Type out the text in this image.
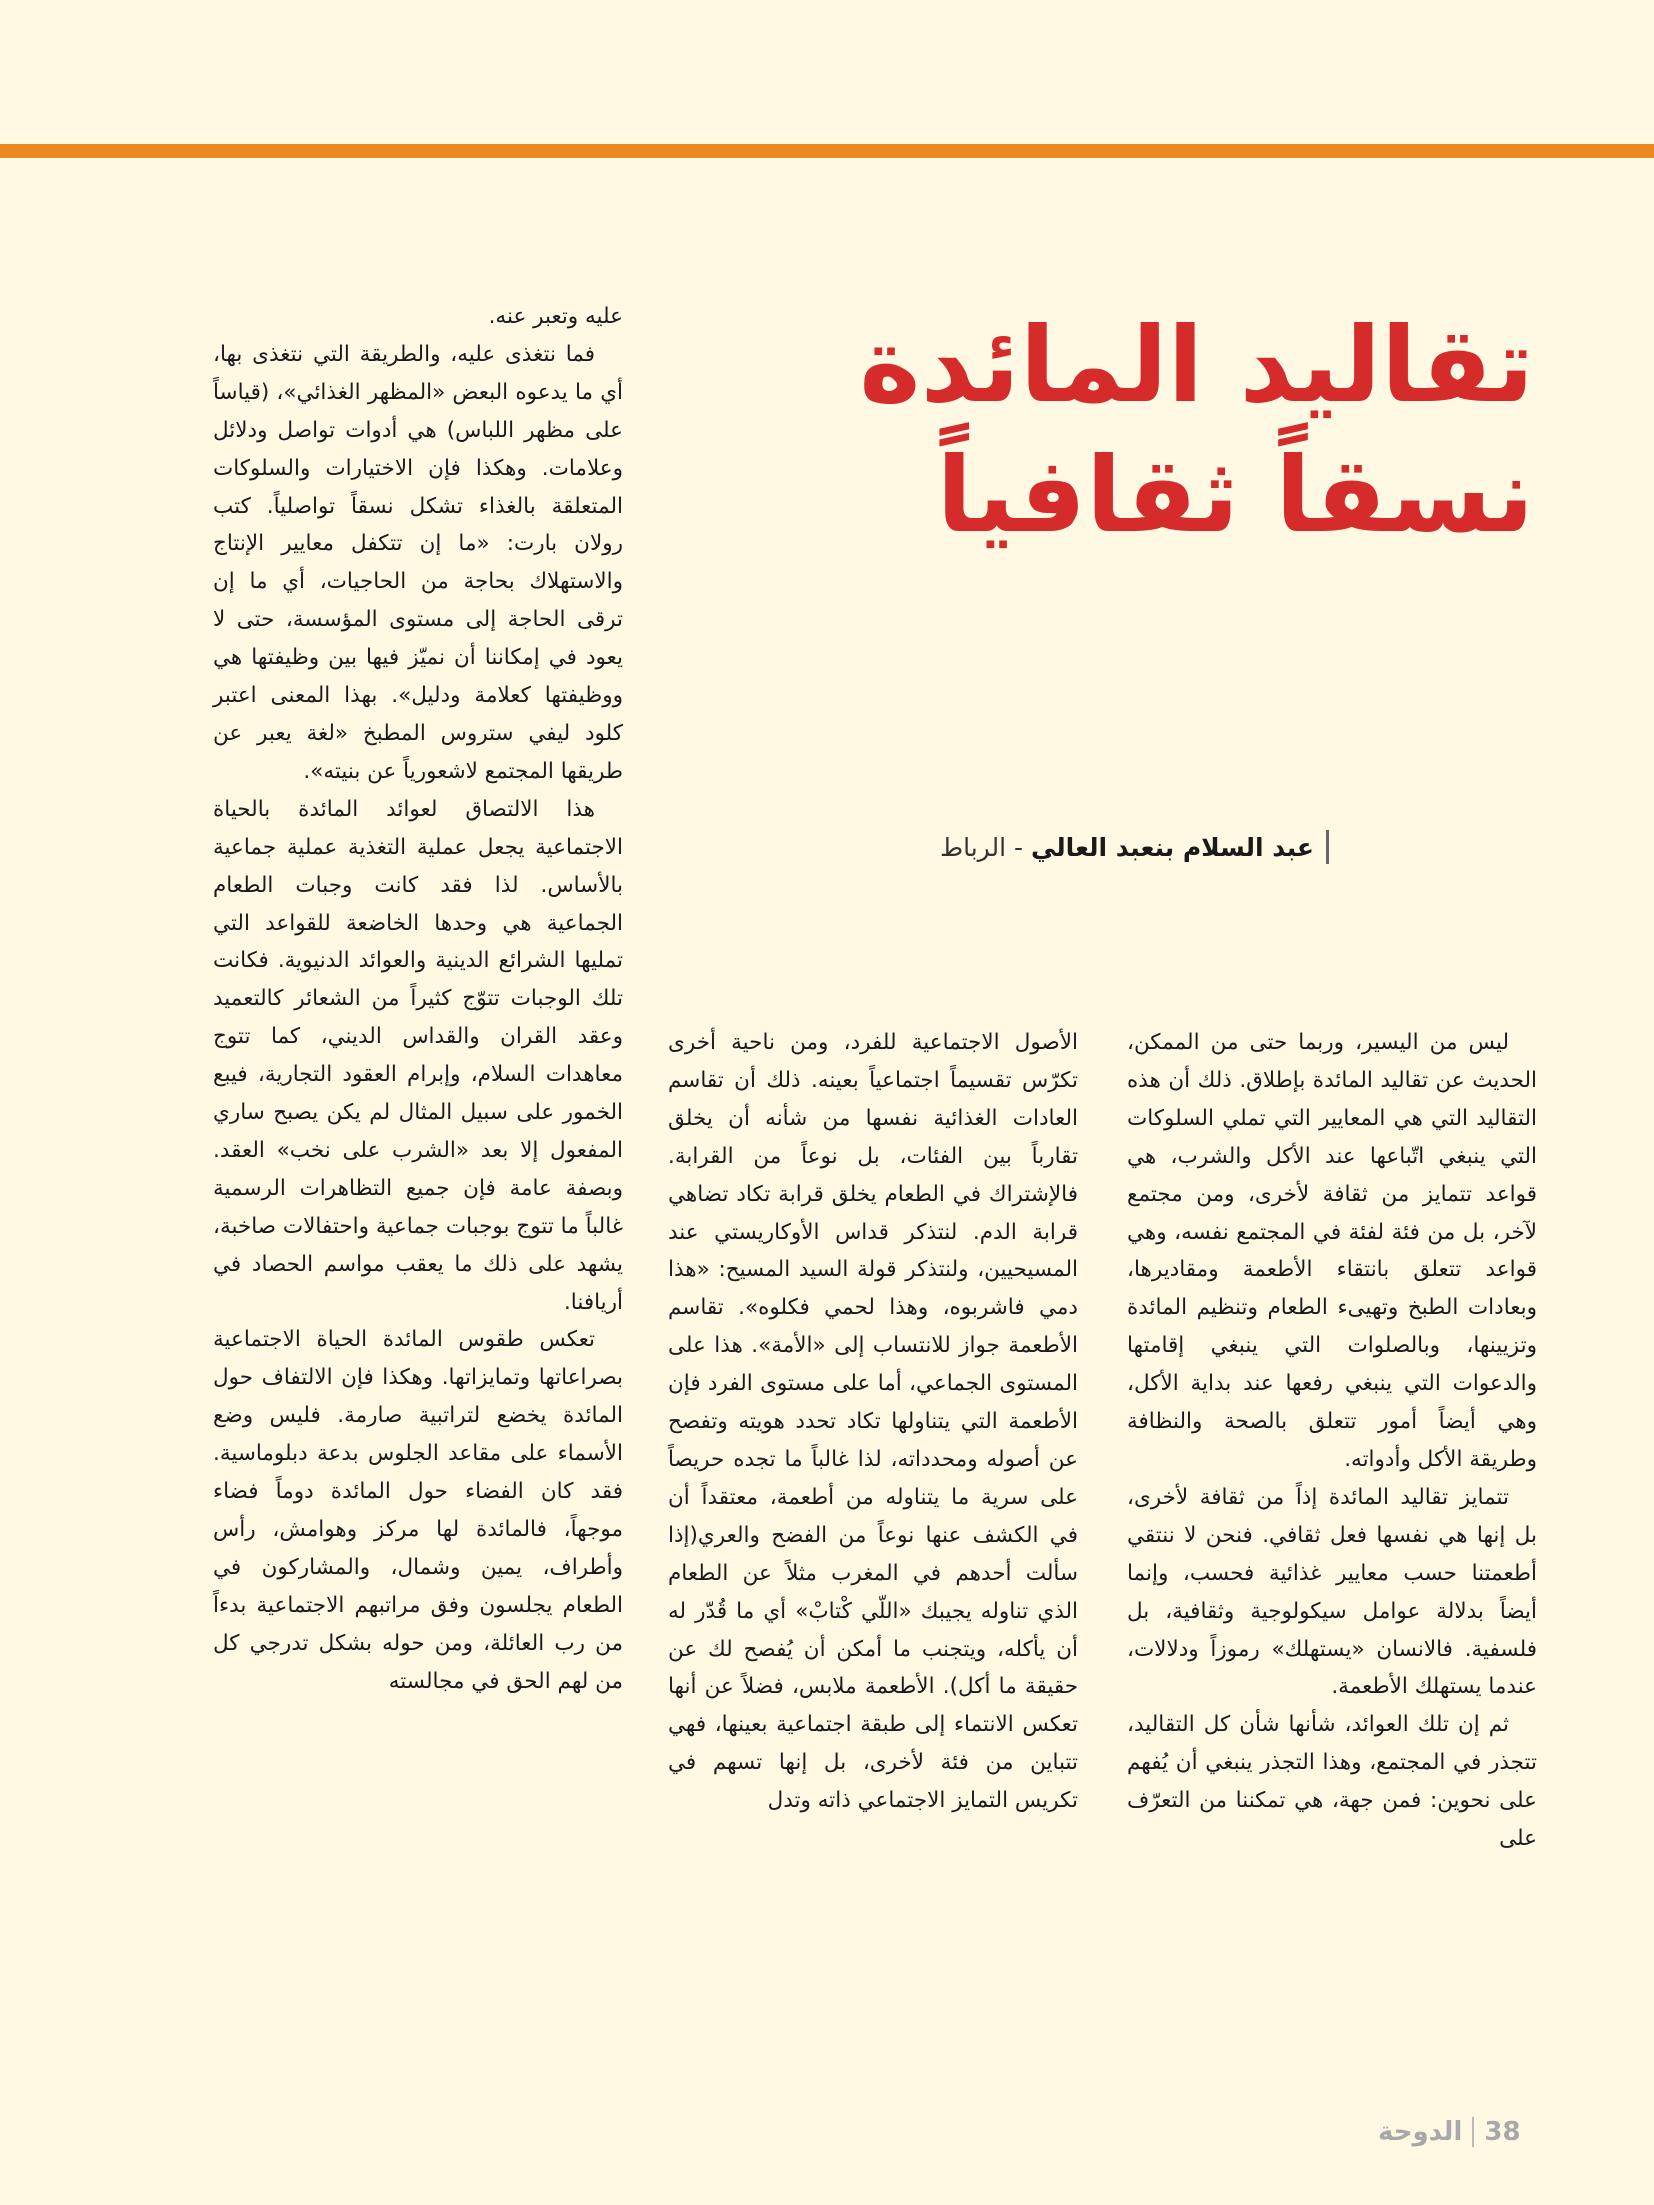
تقاليد المائدة
نسقاً ثقافياً
عبد السلام بنعبد العالي

- الرباط

ليس من اليسير، وربما حتى من الممكن، الحديث عن تقاليد المائدة بإطلاق. ذلك أن هذه التقاليد التي هي المعايير التي تملي السلوكات التي ينبغي اتّباعها عند الأكل والشرب، هي قواعد تتمايز من ثقافة لأخرى، ومن مجتمع لآخر، بل من فئة لفئة في المجتمع نفسه، وهي قواعد تتعلق بانتقاء الأطعمة ومقاديرها، وبعادات الطبخ وتهيىء الطعام وتنظيم المائدة وتزيينها، وبالصلوات التي ينبغي إقامتها والدعوات التي ينبغي رفعها عند بداية الأكل، وهي أيضاً أمور تتعلق بالصحة والنظافة وطريقة الأكل وأدواته.

تتمايز تقاليد المائدة إذاً من ثقافة لأخرى، بل إنها هي نفسها فعل ثقافي. فنحن لا ننتقي أطعمتنا حسب معايير غذائية فحسب، وإنما أيضاً بدلالة عوامل سيكولوجية وثقافية، بل فلسفية. فالانسان «يستهلك» رموزاً ودلالات، عندما يستهلك الأطعمة.

ثم إن تلك العوائد، شأنها شأن كل التقاليد، تتجذر في المجتمع، وهذا التجذر ينبغي أن يُفهم على نحوين: فمن جهة، هي تمكننا من التعرّف على

الأصول الاجتماعية للفرد، ومن ناحية أخرى تكرّس تقسيماً اجتماعياً بعينه. ذلك أن تقاسم العادات الغذائية نفسها من شأنه أن يخلق تقارباً بين الفئات، بل نوعاً من القرابة. فالإشتراك في الطعام يخلق قرابة تكاد تضاهي قرابة الدم. لنتذكر قداس الأوكاريستي عند المسيحيين، ولنتذكر قولة السيد المسيح: «هذا دمي فاشربوه، وهذا لحمي فكلوه». تقاسم الأطعمة جواز للانتساب إلى «الأمة». هذا على المستوى الجماعي، أما على مستوى الفرد فإن الأطعمة التي يتناولها تكاد تحدد هويته وتفصح عن أصوله ومحدداته، لذا غالباً ما تجده حريصاً على سرية ما يتناوله من أطعمة، معتقداً أن في الكشف عنها نوعاً من الفضح والعري(إذا سألت أحدهم في المغرب مثلاً عن الطعام الذي تناوله يجيبك «اللّي كْتابْ» أي ما قُدّر له أن يأكله، ويتجنب ما أمكن أن يُفصح لك عن حقيقة ما أكل). الأطعمة ملابس، فضلاً عن أنها تعكس الانتماء إلى طبقة اجتماعية بعينها، فهي تتباين من فئة لأخرى، بل إنها تسهم في تكريس التمايز الاجتماعي ذاته وتدل

عليه وتعبر عنه.

فما نتغذى عليه، والطريقة التي نتغذى بها، أي ما يدعوه البعض «المظهر الغذائي»، (قياساً على مظهر اللباس) هي أدوات تواصل ودلائل وعلامات. وهكذا فإن الاختيارات والسلوكات المتعلقة بالغذاء تشكل نسقاً تواصلياً. كتب رولان بارت: «ما إن تتكفل معايير الإنتاج والاستهلاك بحاجة من الحاجيات، أي ما إن ترقى الحاجة إلى مستوى المؤسسة، حتى لا يعود في إمكاننا أن نميّز فيها بين وظيفتها هي ووظيفتها كعلامة ودليل». بهذا المعنى اعتبر كلود ليفي ستروس المطبخ «لغة يعبر عن طريقها المجتمع لاشعورياً عن بنيته».

هذا الالتصاق لعوائد المائدة بالحياة الاجتماعية يجعل عملية التغذية عملية جماعية بالأساس. لذا فقد كانت وجبات الطعام الجماعية هي وحدها الخاضعة للقواعد التي تمليها الشرائع الدينية والعوائد الدنيوية. فكانت تلك الوجبات تتوّج كثيراً من الشعائر كالتعميد وعقد القران والقداس الديني، كما تتوج معاهدات السلام، وإبرام العقود التجارية، فيبع الخمور على سبيل المثال لم يكن يصبح ساري المفعول إلا بعد «الشرب على نخب» العقد. وبصفة عامة فإن جميع التظاهرات الرسمية غالباً ما تتوج بوجبات جماعية واحتفالات صاخبة، يشهد على ذلك ما يعقب مواسم الحصاد في أريافنا.

تعكس طقوس المائدة الحياة الاجتماعية بصراعاتها وتمايزاتها. وهكذا فإن الالتفاف حول المائدة يخضع لتراتبية صارمة. فليس وضع الأسماء على مقاعد الجلوس بدعة دبلوماسية. فقد كان الفضاء حول المائدة دوماً فضاء موجهاً، فالمائدة لها مركز وهوامش، رأس وأطراف، يمين وشمال، والمشاركون في الطعام يجلسون وفق مراتبهم الاجتماعية بدءاً من رب العائلة، ومن حوله بشكل تدرجي كل من لهم الحق في مجالسته

الدوحة 38
